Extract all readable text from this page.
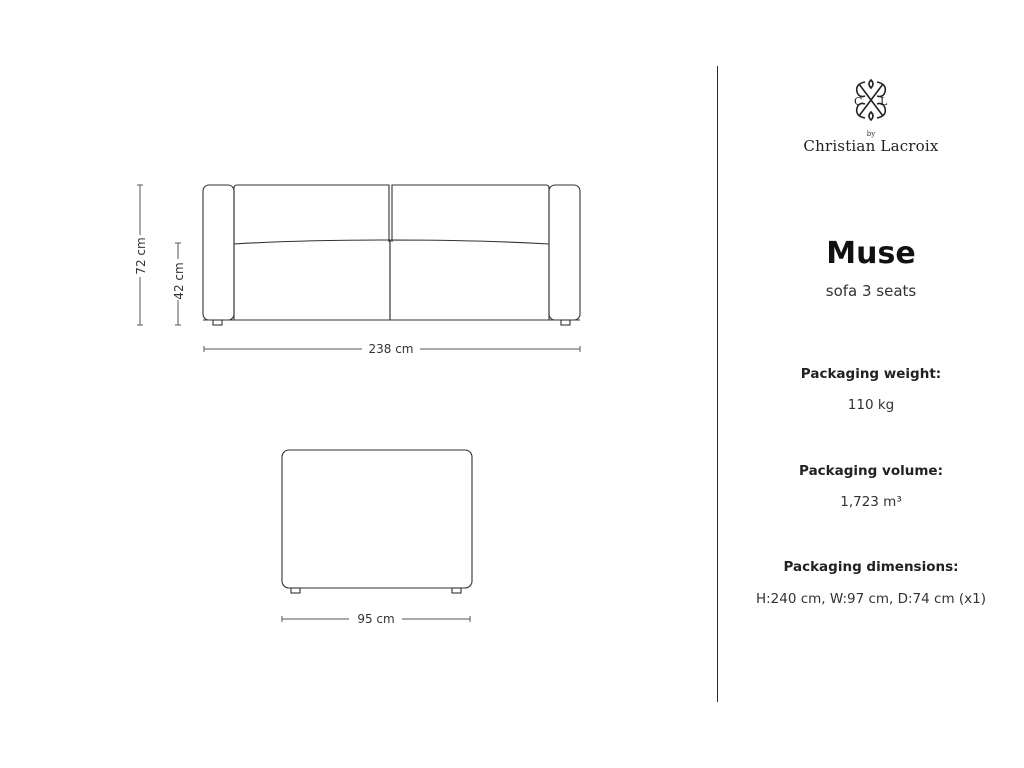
72 cm
42 cm
238 cm
95 cm
C L
by
Christian Lacroix
Muse
sofa 3 seats
Packaging weight:
110 kg
Packaging volume:
1,723 m³
Packaging dimensions:
H:240 cm, W:97 cm, D:74 cm (x1)
